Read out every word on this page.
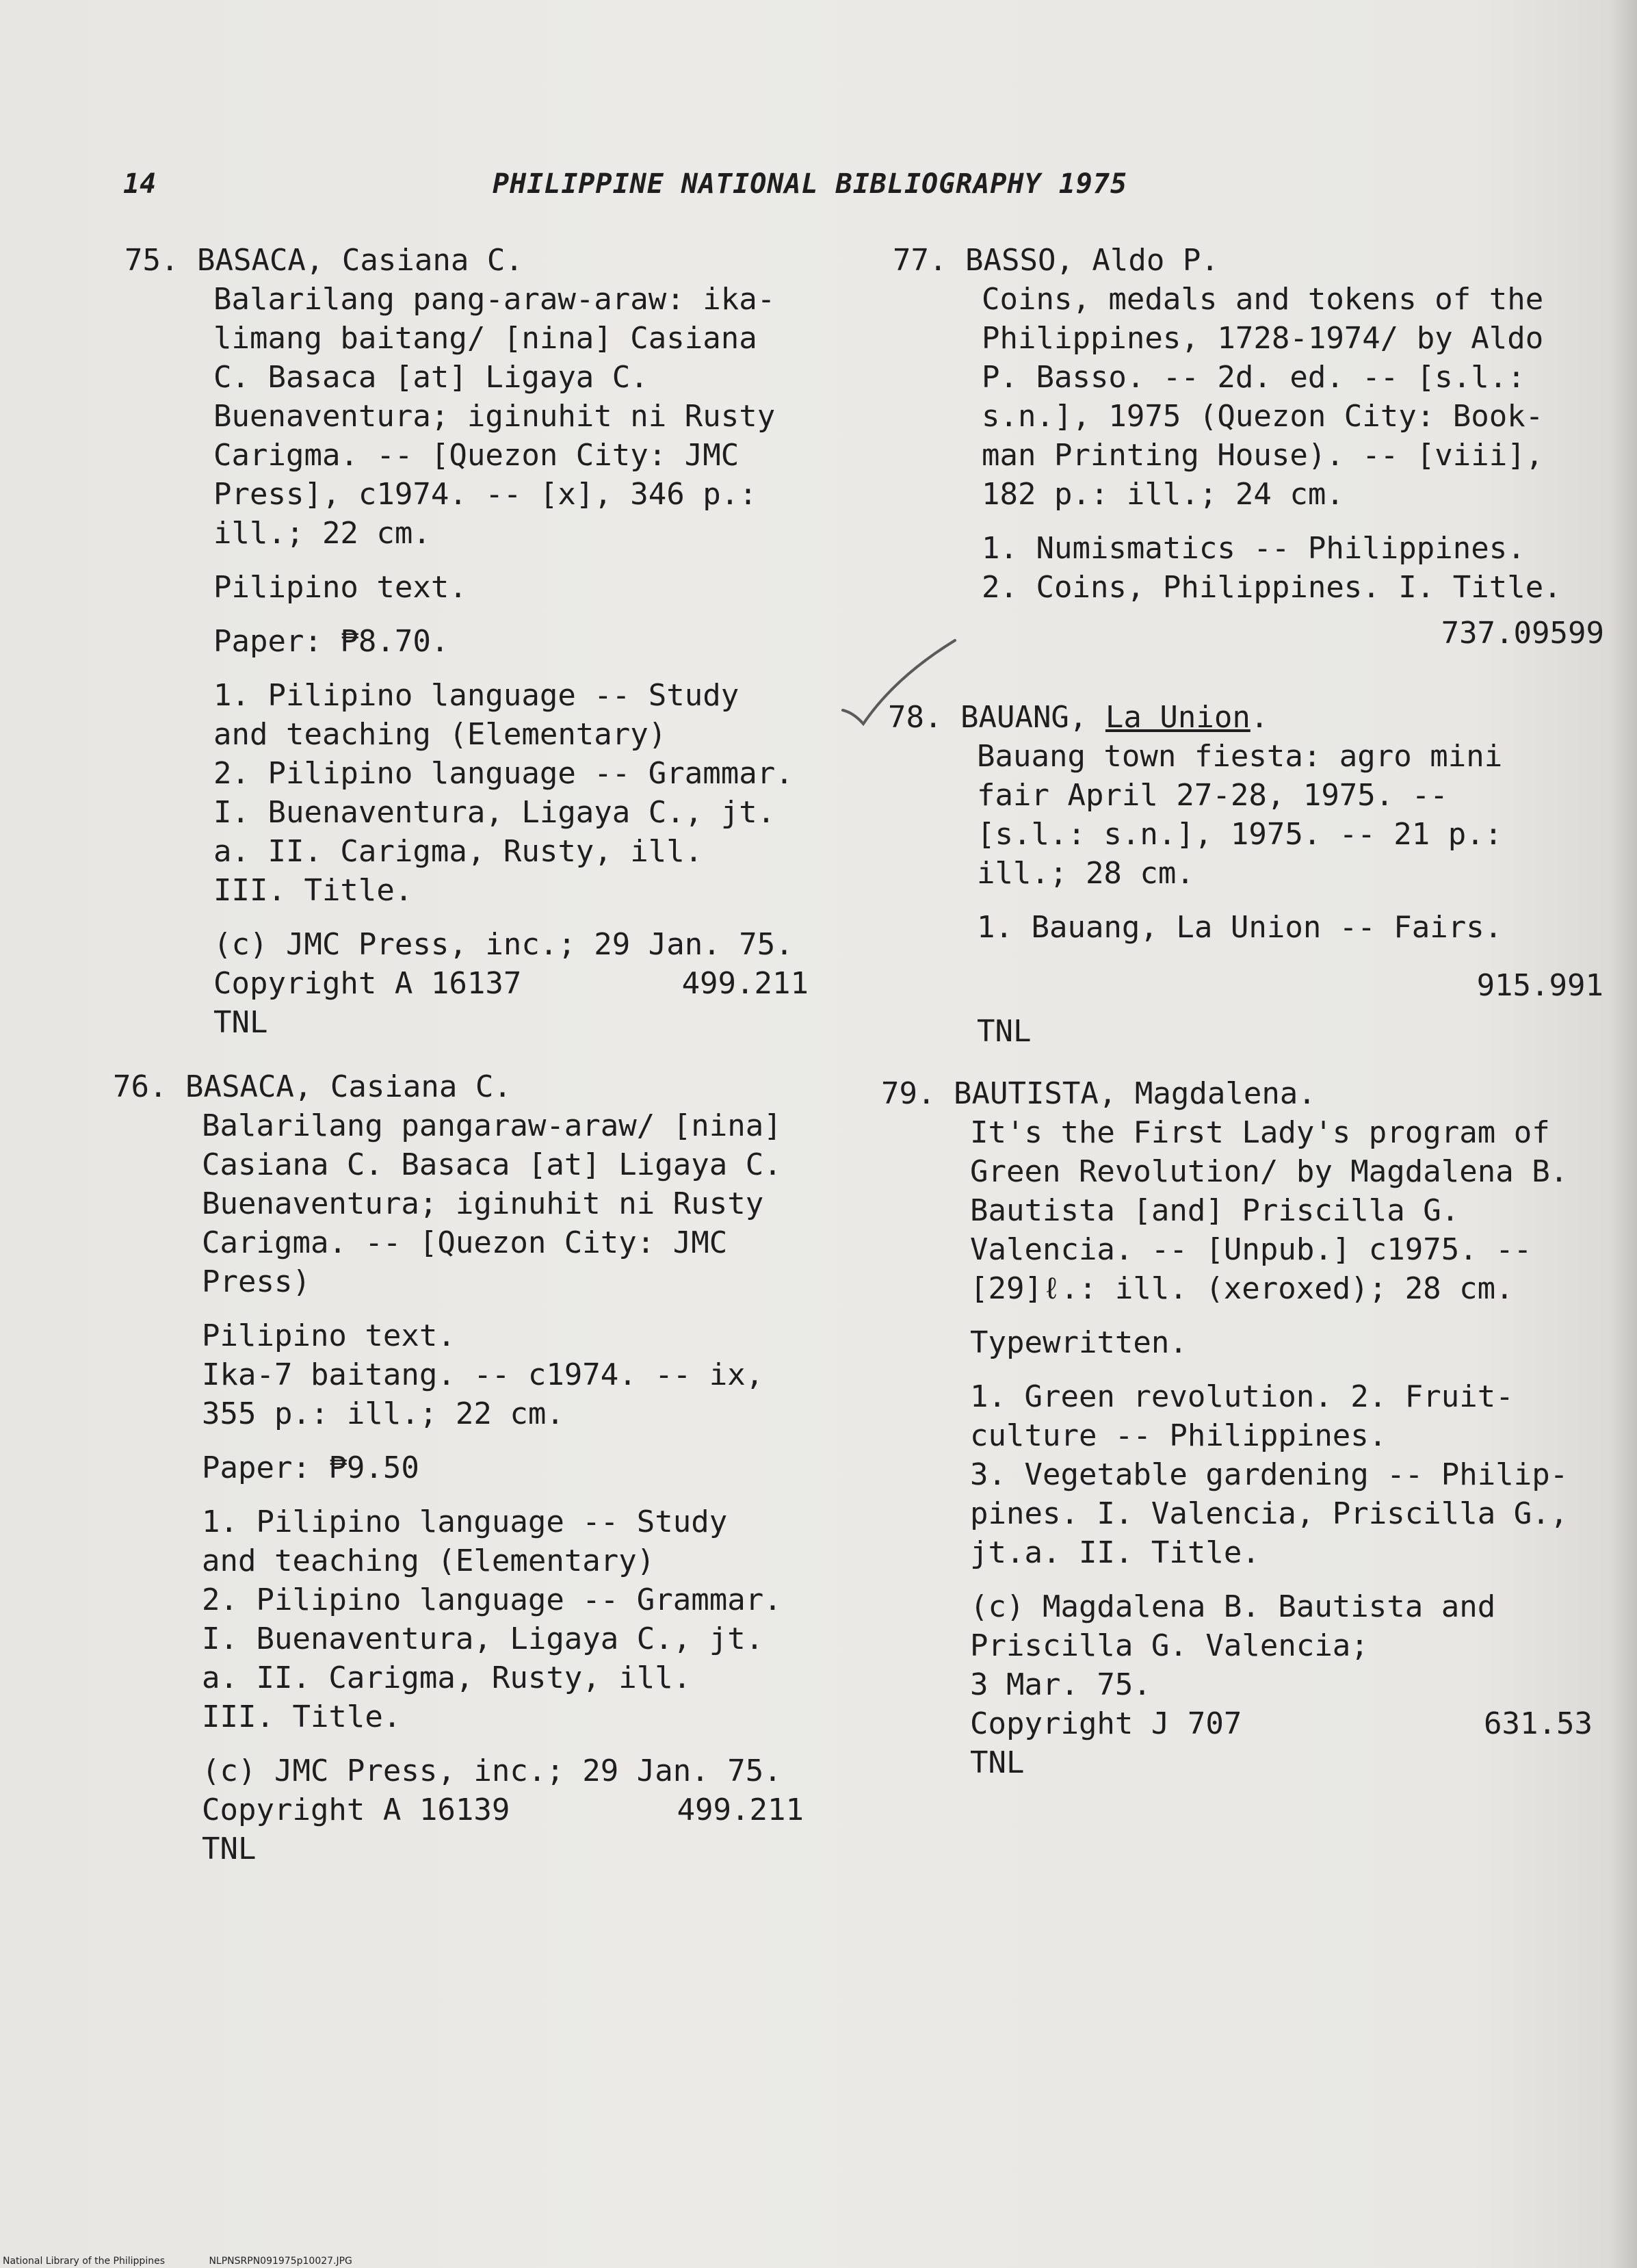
14	PHILIPPINE NATIONAL BIBLIOGRAPHY 1975
75. BASACA, Casiana C.
Balarilang pang-araw-araw: ika-
limang baitang/ [nina] Casiana
C. Basaca [at] Ligaya C.
Buenaventura; iginuhit ni Rusty
Carigma. -- [Quezon City: JMC
Press], c1974. -- [x], 346 p.:
ill.; 22 cm.
Pilipino text.
Paper: ₱8.70.
1. Pilipino language -- Study
and teaching (Elementary)
2. Pilipino language -- Grammar.
I. Buenaventura, Ligaya C., jt.
a. II. Carigma, Rusty, ill.
III. Title.
(c) JMC Press, inc.; 29 Jan. 75.
Copyright A 16137	499.211
TNL
76. BASACA, Casiana C.
Balarilang pangaraw-araw/ [nina]
Casiana C. Basaca [at] Ligaya C.
Buenaventura; iginuhit ni Rusty
Carigma. -- [Quezon City: JMC
Press)
Pilipino text.
Ika-7 baitang. -- c1974. -- ix,
355 p.: ill.; 22 cm.
Paper: ₱9.50
1. Pilipino language -- Study
and teaching (Elementary)
2. Pilipino language -- Grammar.
I. Buenaventura, Ligaya C., jt.
a. II. Carigma, Rusty, ill.
III. Title.
(c) JMC Press, inc.; 29 Jan. 75.
Copyright A 16139	499.211
TNL
77. BASSO, Aldo P.
Coins, medals and tokens of the
Philippines, 1728-1974/ by Aldo
P. Basso. -- 2d. ed. -- [s.l.:
s.n.], 1975 (Quezon City: Book-
man Printing House). -- [viii],
182 p.: ill.; 24 cm.
1. Numismatics -- Philippines.
2. Coins, Philippines. I. Title.
737.09599
78. BAUANG, La Union.
Bauang town fiesta: agro mini
fair April 27-28, 1975. --
[s.l.: s.n.], 1975. -- 21 p.:
ill.; 28 cm.
1. Bauang, La Union -- Fairs.
915.991
TNL
79. BAUTISTA, Magdalena.
It's the First Lady's program of
Green Revolution/ by Magdalena B.
Bautista [and] Priscilla G.
Valencia. -- [Unpub.] c1975. --
[29]ℓ.: ill. (xeroxed); 28 cm.
Typewritten.
1. Green revolution. 2. Fruit-
culture -- Philippines.
3. Vegetable gardening -- Philip-
pines. I. Valencia, Priscilla G.,
jt.a. II. Title.
(c) Magdalena B. Bautista and
Priscilla G. Valencia;
3 Mar. 75.
Copyright J 707	631.53
TNL
National Library of the Philippines	NLPNSRPN091975p10027.JPG
